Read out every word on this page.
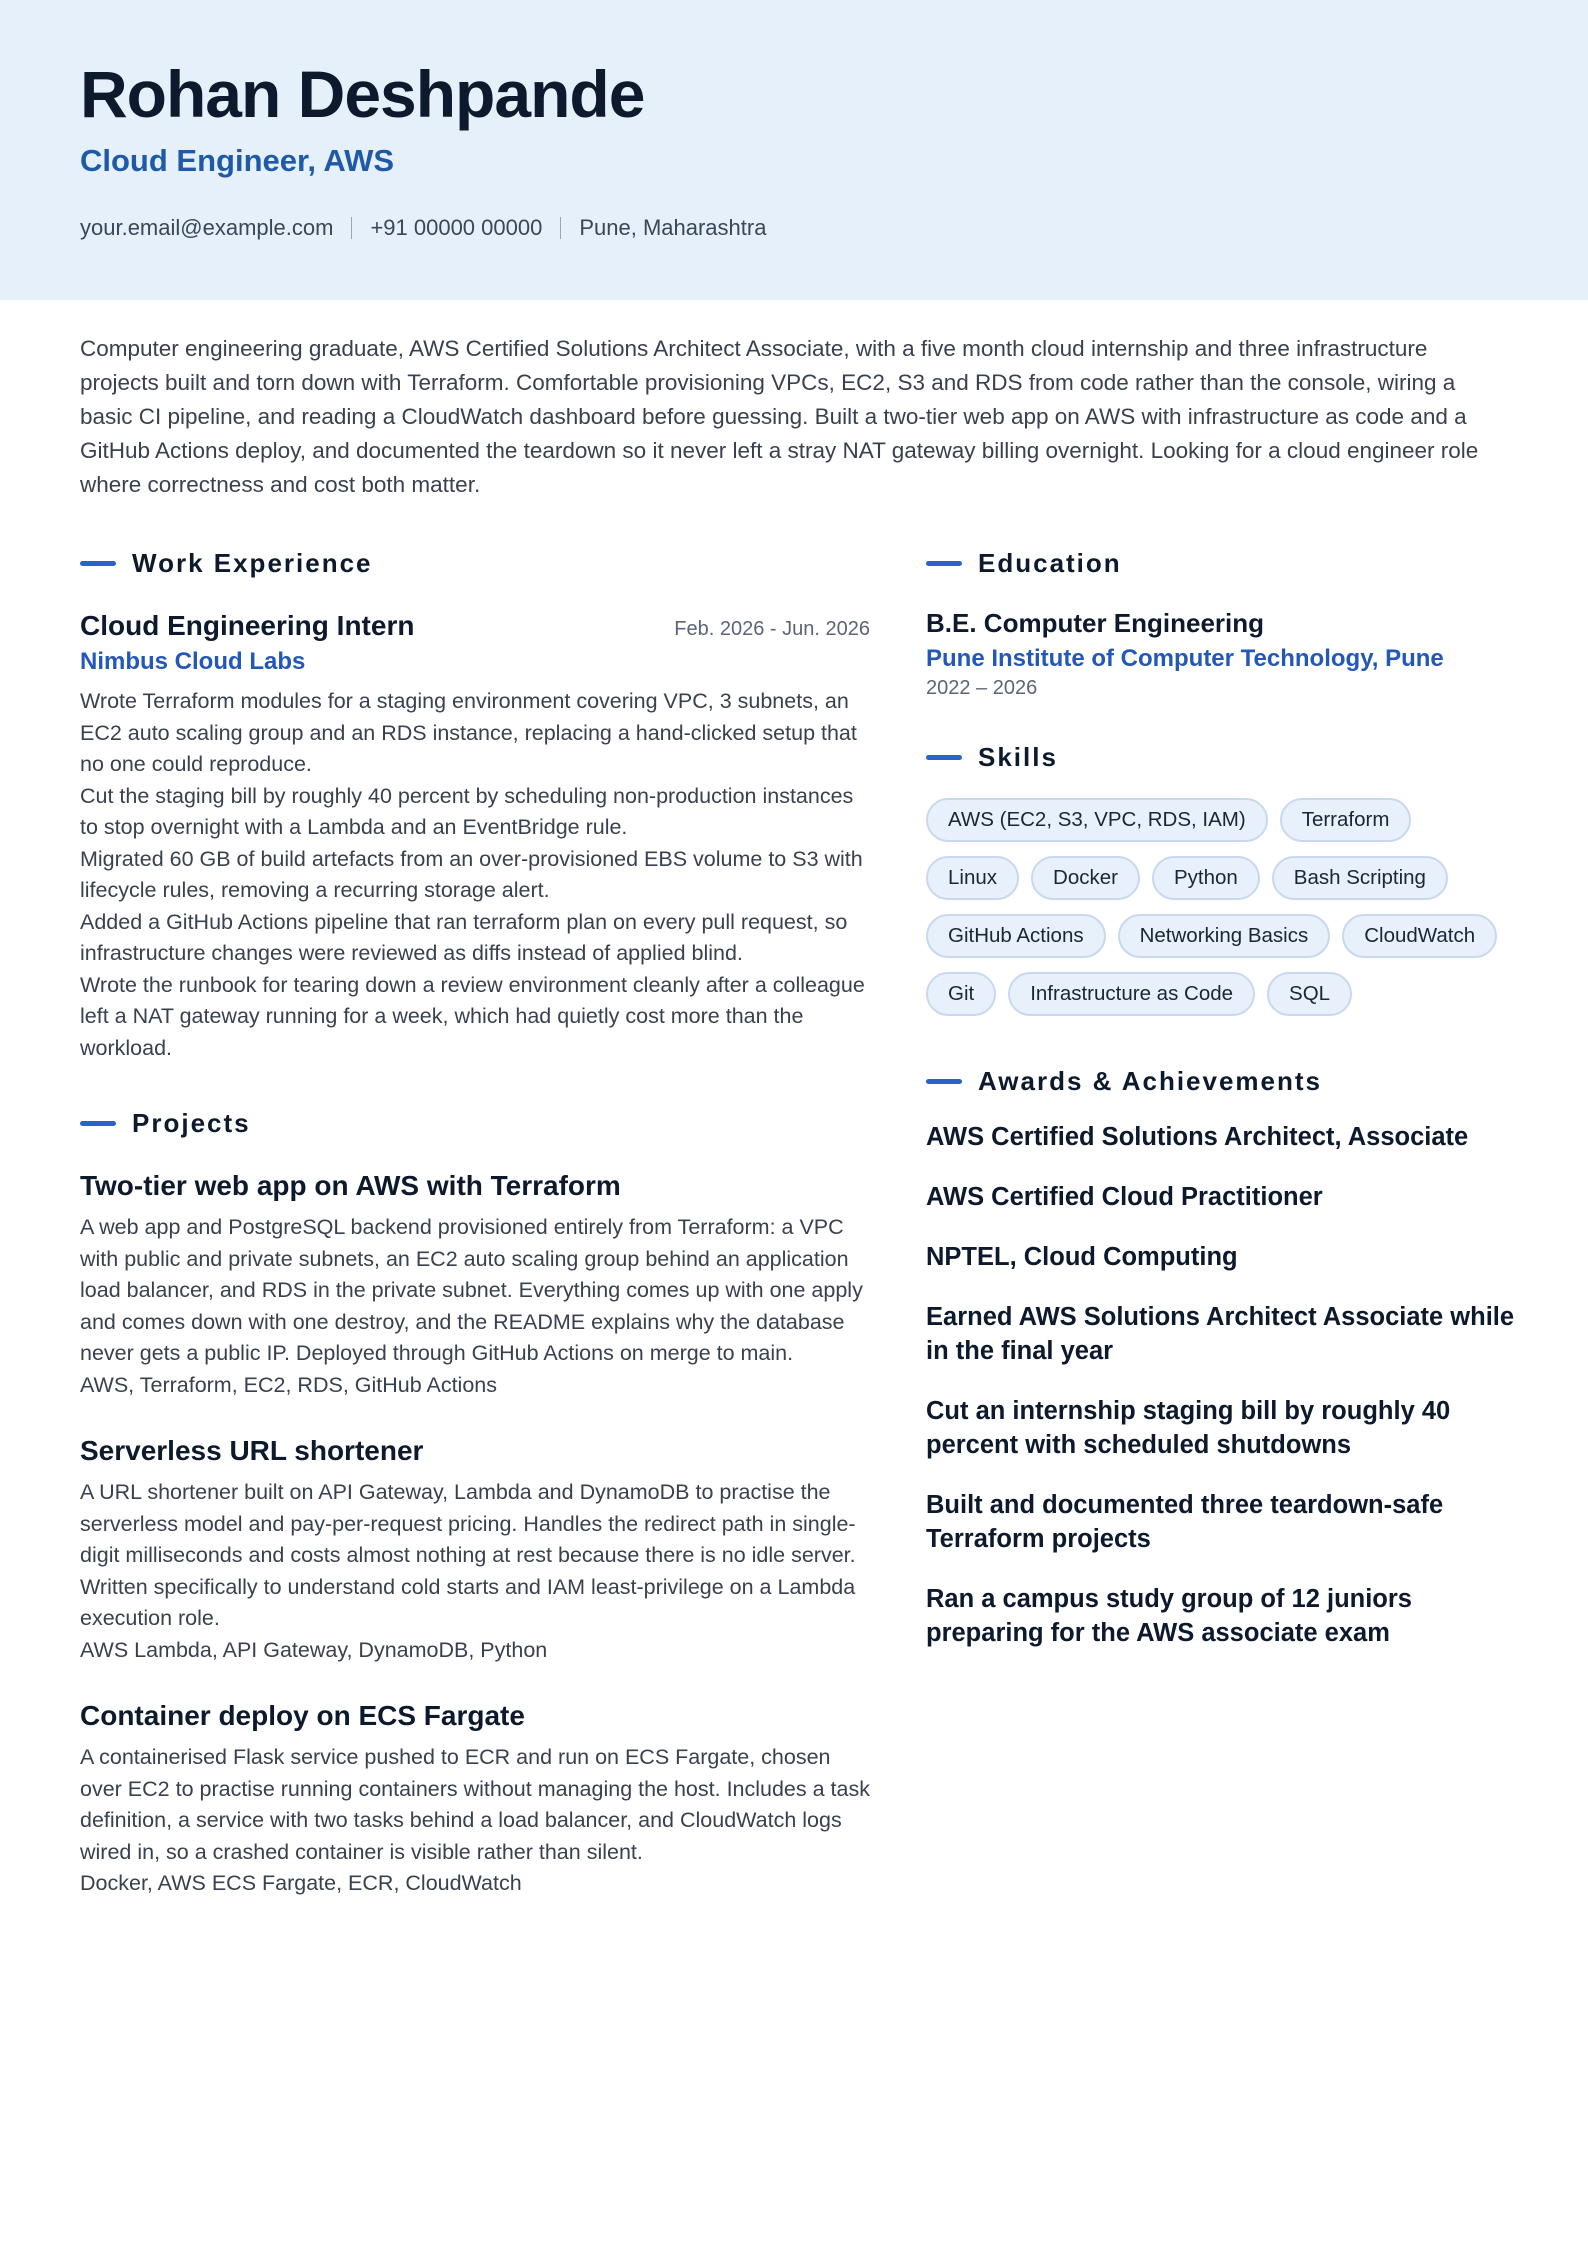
Rohan Deshpande
Cloud Engineer, AWS
your.email@example.com +91 00000 00000 Pune, Maharashtra

Computer engineering graduate, AWS Certified Solutions Architect Associate, with a five month cloud internship and three infrastructure projects built and torn down with Terraform. Comfortable provisioning VPCs, EC2, S3 and RDS from code rather than the console, wiring a basic CI pipeline, and reading a CloudWatch dashboard before guessing. Built a two-tier web app on AWS with infrastructure as code and a GitHub Actions deploy, and documented the teardown so it never left a stray NAT gateway billing overnight. Looking for a cloud engineer role where correctness and cost both matter.

Work Experience
Cloud Engineering Intern	Feb. 2026 - Jun. 2026
Nimbus Cloud Labs
Wrote Terraform modules for a staging environment covering VPC, 3 subnets, an EC2 auto scaling group and an RDS instance, replacing a hand-clicked setup that no one could reproduce.
Cut the staging bill by roughly 40 percent by scheduling non-production instances to stop overnight with a Lambda and an EventBridge rule.
Migrated 60 GB of build artefacts from an over-provisioned EBS volume to S3 with lifecycle rules, removing a recurring storage alert.
Added a GitHub Actions pipeline that ran terraform plan on every pull request, so infrastructure changes were reviewed as diffs instead of applied blind.
Wrote the runbook for tearing down a review environment cleanly after a colleague left a NAT gateway running for a week, which had quietly cost more than the workload.
Projects
Two-tier web app on AWS with Terraform
A web app and PostgreSQL backend provisioned entirely from Terraform: a VPC with public and private subnets, an EC2 auto scaling group behind an application load balancer, and RDS in the private subnet. Everything comes up with one apply and comes down with one destroy, and the README explains why the database never gets a public IP. Deployed through GitHub Actions on merge to main.
AWS, Terraform, EC2, RDS, GitHub Actions
Serverless URL shortener
A URL shortener built on API Gateway, Lambda and DynamoDB to practise the serverless model and pay-per-request pricing. Handles the redirect path in single-digit milliseconds and costs almost nothing at rest because there is no idle server. Written specifically to understand cold starts and IAM least-privilege on a Lambda execution role.
AWS Lambda, API Gateway, DynamoDB, Python
Container deploy on ECS Fargate
A containerised Flask service pushed to ECR and run on ECS Fargate, chosen over EC2 to practise running containers without managing the host. Includes a task definition, a service with two tasks behind a load balancer, and CloudWatch logs wired in, so a crashed container is visible rather than silent.
Docker, AWS ECS Fargate, ECR, CloudWatch
Education
B.E. Computer Engineering
Pune Institute of Computer Technology, Pune
2022 – 2026
Skills
AWS (EC2, S3, VPC, RDS, IAM)	Terraform
Linux	Docker	Python	Bash Scripting
GitHub Actions	Networking Basics	CloudWatch
Git	Infrastructure as Code	SQL
Awards & Achievements
AWS Certified Solutions Architect, Associate
AWS Certified Cloud Practitioner
NPTEL, Cloud Computing
Earned AWS Solutions Architect Associate while in the final year
Cut an internship staging bill by roughly 40 percent with scheduled shutdowns
Built and documented three teardown-safe Terraform projects
Ran a campus study group of 12 juniors preparing for the AWS associate exam
